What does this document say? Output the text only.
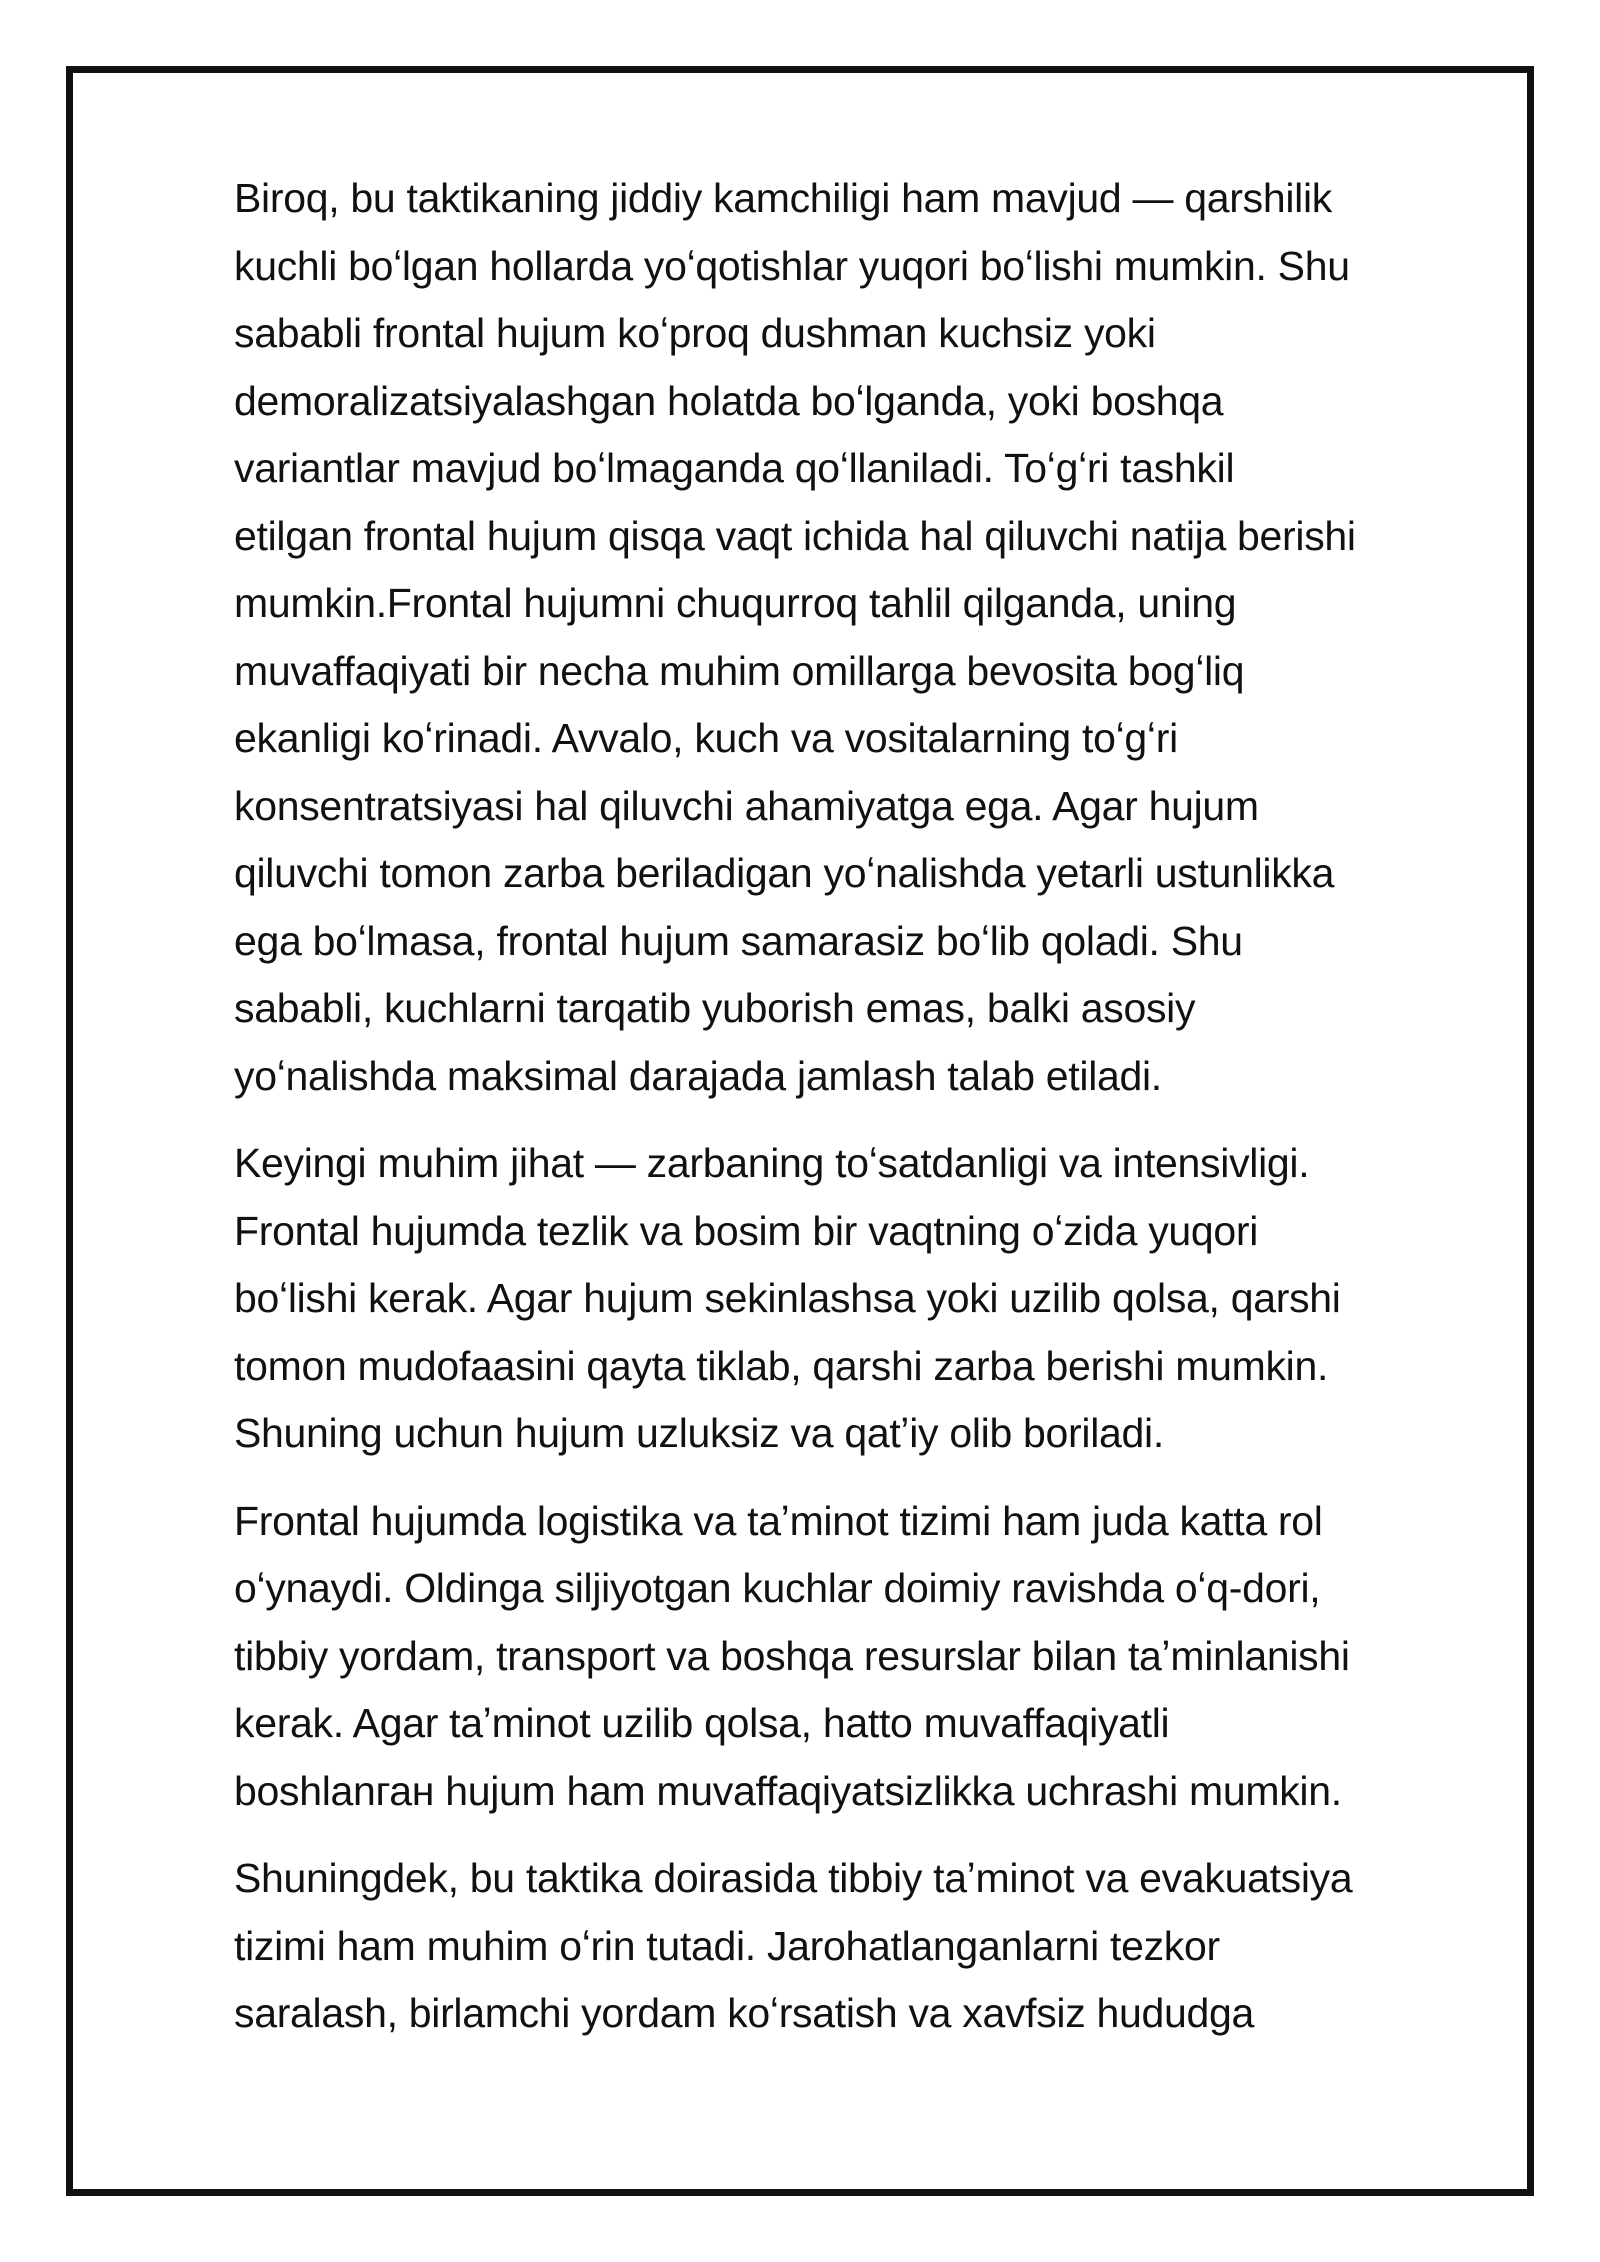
Biroq, bu taktikaning jiddiy kamchiligi ham mavjud — qarshilik
kuchli boʻlgan hollarda yoʻqotishlar yuqori boʻlishi mumkin. Shu
sababli frontal hujum koʻproq dushman kuchsiz yoki
demoralizatsiyalashgan holatda boʻlganda, yoki boshqa
variantlar mavjud boʻlmaganda qoʻllaniladi. Toʻgʻri tashkil
etilgan frontal hujum qisqa vaqt ichida hal qiluvchi natija berishi
mumkin.Frontal hujumni chuqurroq tahlil qilganda, uning
muvaffaqiyati bir necha muhim omillarga bevosita bogʻliq
ekanligi koʻrinadi. Avvalo, kuch va vositalarning toʻgʻri
konsentratsiyasi hal qiluvchi ahamiyatga ega. Agar hujum
qiluvchi tomon zarba beriladigan yoʻnalishda yetarli ustunlikka
ega boʻlmasa, frontal hujum samarasiz boʻlib qoladi. Shu
sababli, kuchlarni tarqatib yuborish emas, balki asosiy
yoʻnalishda maksimal darajada jamlash talab etiladi.

Keyingi muhim jihat — zarbaning toʻsatdanligi va intensivligi.
Frontal hujumda tezlik va bosim bir vaqtning oʻzida yuqori
boʻlishi kerak. Agar hujum sekinlashsa yoki uzilib qolsa, qarshi
tomon mudofaasini qayta tiklab, qarshi zarba berishi mumkin.
Shuning uchun hujum uzluksiz va qatʼiy olib boriladi.

Frontal hujumda logistika va taʼminot tizimi ham juda katta rol
oʻynaydi. Oldinga siljiyotgan kuchlar doimiy ravishda oʻq-dori,
tibbiy yordam, transport va boshqa resurslar bilan taʼminlanishi
kerak. Agar taʼminot uzilib qolsa, hatto muvaffaqiyatli
boshlanган hujum ham muvaffaqiyatsizlikka uchrashi mumkin.

Shuningdek, bu taktika doirasida tibbiy taʼminot va evakuatsiya
tizimi ham muhim oʻrin tutadi. Jarohatlanganlarni tezkor
saralash, birlamchi yordam koʻrsatish va xavfsiz hududga
